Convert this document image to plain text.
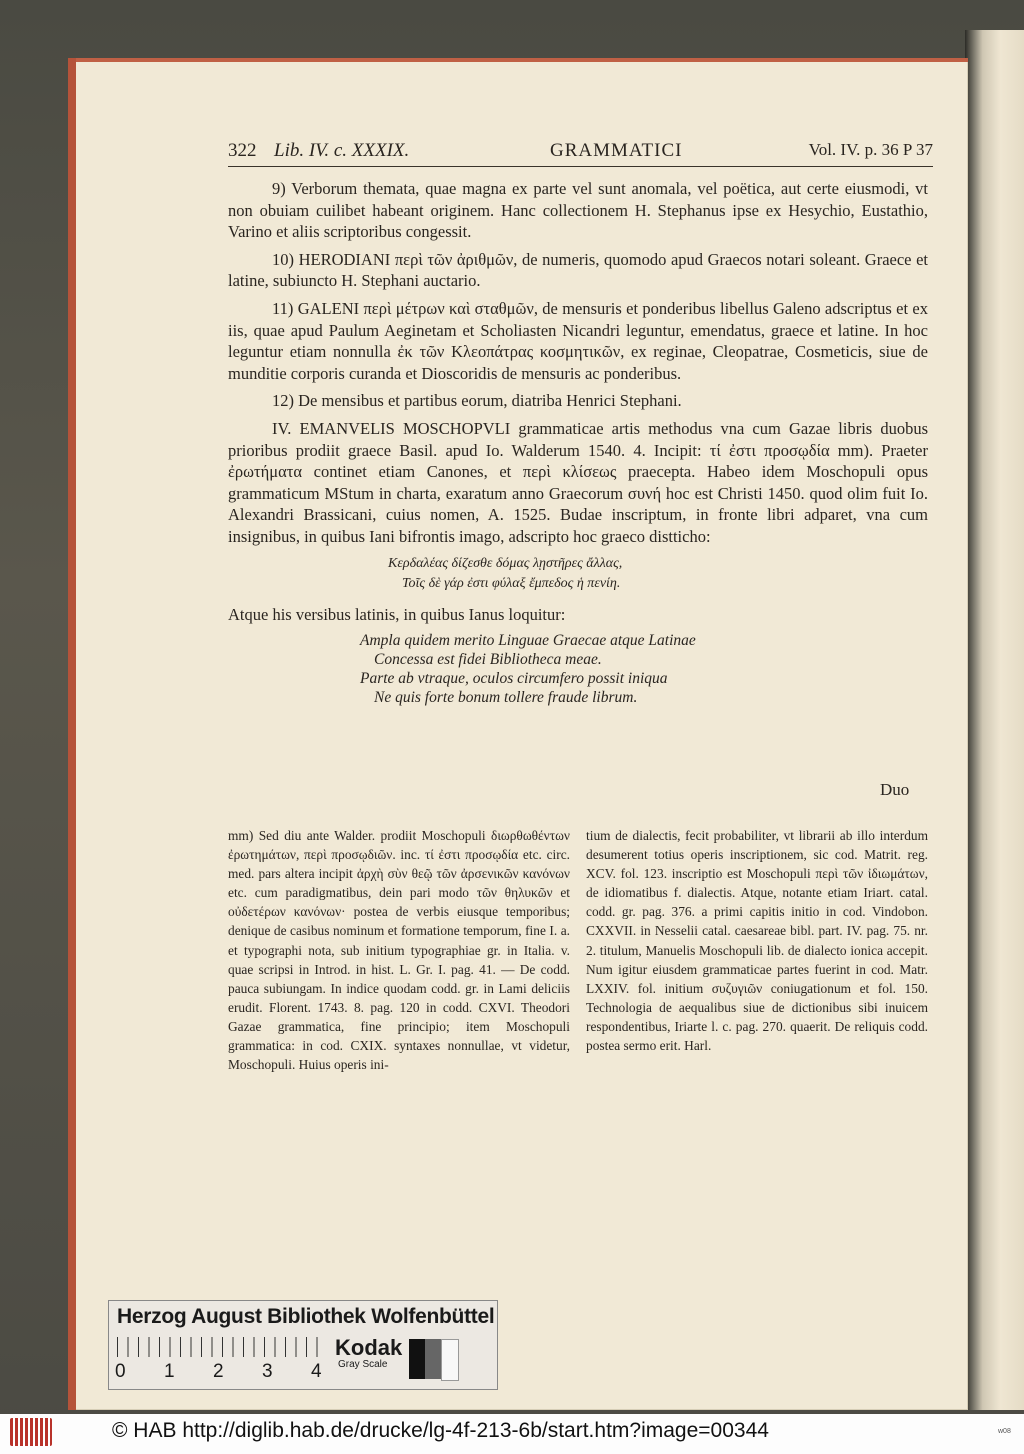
322 Lib. IV. c. XXXIX.	GRAMMATICI	Vol. IV. p. 36 P 37

9) Verborum themata, quae magna ex parte vel sunt anomala, vel poëtica, aut certe eiusmodi, vt non obuiam cuilibet habeant originem. Hanc collectionem H. Stephanus ipse ex Hesychio, Eustathio, Varino et aliis scriptoribus congessit.

10) HERODIANI περὶ τῶν ἀριθμῶν, de numeris, quomodo apud Graecos notari soleant. Graece et latine, subiuncto H. Stephani auctario.

11) GALENI περὶ μέτρων καὶ σταθμῶν, de mensuris et ponderibus libellus Galeno adscriptus et ex iis, quae apud Paulum Aeginetam et Scholiasten Nicandri leguntur, emendatus, graece et latine. In hoc leguntur etiam nonnulla ἐκ τῶν Κλεοπάτρας κοσμητικῶν, ex reginae, Cleopatrae, Cosmeticis, siue de munditie corporis curanda et Dioscoridis de mensuris ac ponderibus.

12) De mensibus et partibus eorum, diatriba Henrici Stephani.

IV. EMANVELIS MOSCHOPVLI grammaticae artis methodus vna cum Gazae libris duobus prioribus prodiit graece Basil. apud Io. Walderum 1540. 4. Incipit: τί ἐστι προσῳδία mm). Praeter ἐρωτήματα continet etiam Canones, et περὶ κλίσεως praecepta. Habeo idem Moschopuli opus grammaticum MStum in charta, exaratum anno Graecorum συνή hoc est Christi 1450. quod olim fuit Io. Alexandri Brassicani, cuius nomen, A. 1525. Budae inscriptum, in fronte libri adparet, vna cum insignibus, in quibus Iani bifrontis imago, adscripto hoc graeco distticho:

Κερδαλέας δίζεσθε δόμας λῃστῆρες ἄλλας,
Τοῖς δὲ γάρ ἐστι φύλαξ ἔμπεδος ἡ πενίη.

Atque his versibus latinis, in quibus Ianus loquitur:

Ampla quidem merito Linguae Graecae atque Latinae
Concessa est fidei Bibliotheca meae.
Parte ab vtraque, oculos circumfero possit iniqua
Ne quis forte bonum tollere fraude librum.
Duo

mm) Sed diu ante Walder. prodiit Moschopuli διωρθωθέντων ἐρωτημάτων, περὶ προσῳδιῶν. inc. τί ἐστι προσῳδία etc. circ. med. pars altera incipit ἀρχὴ σὺν θεῷ τῶν ἀρσενικῶν κανόνων etc. cum paradigmatibus, dein pari modo τῶν θηλυκῶν et οὐδετέρων κανόνων· postea de verbis eiusque temporibus; denique de casibus nominum et formatione temporum, fine I. a. et typographi nota, sub initium typographiae gr. in Italia. v. quae scripsi in Introd. in hist. L. Gr. I. pag. 41. — De codd. pauca subiungam. In indice quodam codd. gr. in Lami deliciis erudit. Florent. 1743. 8. pag. 120 in codd. CXVI. Theodori Gazae grammatica, fine principio; item Moschopuli grammatica: in cod. CXIX. syntaxes nonnullae, vt videtur, Moschopuli. Huius operis ini-

tium de dialectis, fecit probabiliter, vt librarii ab illo interdum desumerent totius operis inscriptionem, sic cod. Matrit. reg. XCV. fol. 123. inscriptio est Moschopuli περὶ τῶν ἰδιωμάτων, de idiomatibus f. dialectis. Atque, notante etiam Iriart. catal. codd. gr. pag. 376. a primi capitis initio in cod. Vindobon. CXXVII. in Nesselii catal. caesareae bibl. part. IV. pag. 75. nr. 2. titulum, Manuelis Moschopuli lib. de dialecto ionica accepit. Num igitur eiusdem grammaticae partes fuerint in cod. Matr. LXXIV. fol. initium συζυγιῶν coniugationum et fol. 150. Technologia de aequalibus siue de dictionibus sibi inuicem respondentibus, Iriarte l. c. pag. 270. quaerit. De reliquis codd. postea sermo erit. Harl.

Herzog August Bibliothek Wolfenbüttel
0 1 2 3 4
Kodak
Gray Scale
© HAB http://diglib.hab.de/drucke/lg-4f-213-6b/start.htm?image=00344	w08
